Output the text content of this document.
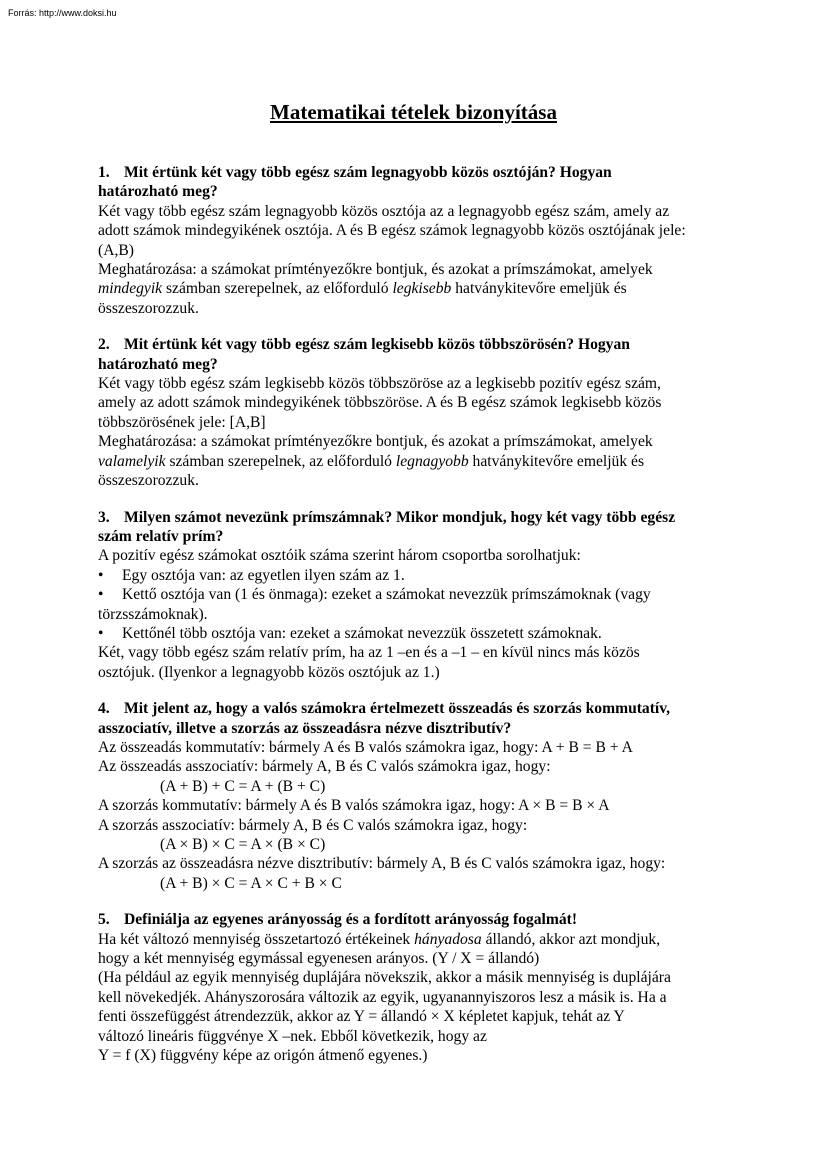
Forrás: http://www.doksi.hu
Matematikai tételek bizonyítása
1. Mit értünk két vagy több egész szám legnagyobb közös osztóján? Hogyan
határozható meg?

Két vagy több egész szám legnagyobb közös osztója az a legnagyobb egész szám, amely az

adott számok mindegyikének osztója. A és B egész számok legnagyobb közös osztójának jele:

(A,B)

Meghatározása: a számokat prímtényezőkre bontjuk, és azokat a prímszámokat, amelyek

mindegyik számban szerepelnek, az előforduló legkisebb hatványkitevőre emeljük és

összeszorozzuk.

2. Mit értünk két vagy több egész szám legkisebb közös többszörösén? Hogyan
határozható meg?

Két vagy több egész szám legkisebb közös többszöröse az a legkisebb pozitív egész szám,

amely az adott számok mindegyikének többszöröse. A és B egész számok legkisebb közös

többszörösének jele: [A,B]

Meghatározása: a számokat prímtényezőkre bontjuk, és azokat a prímszámokat, amelyek

valamelyik számban szerepelnek, az előforduló legnagyobb hatványkitevőre emeljük és

összeszorozzuk.

3. Milyen számot nevezünk prímszámnak? Mikor mondjuk, hogy két vagy több egész
szám relatív prím?

A pozitív egész számokat osztóik száma szerint három csoportba sorolhatjuk:

•	Egy osztója van: az egyetlen ilyen szám az 1.
•	Kettő osztója van (1 és önmaga): ezeket a számokat nevezzük prímszámoknak (vagy

törzsszámoknak).

•	Kettőnél több osztója van: ezeket a számokat nevezzük összetett számoknak.

Két, vagy több egész szám relatív prím, ha az 1 –en és a –1 – en kívül nincs más közös

osztójuk. (Ilyenkor a legnagyobb közös osztójuk az 1.)

4. Mit jelent az, hogy a valós számokra értelmezett összeadás és szorzás kommutatív,
asszociatív, illetve a szorzás az összeadásra nézve disztributív?

Az összeadás kommutatív: bármely A és B valós számokra igaz, hogy: A + B = B + A

Az összeadás asszociatív: bármely A, B és C valós számokra igaz, hogy:

(A + B) + C = A + (B + C)

A szorzás kommutatív: bármely A és B valós számokra igaz, hogy: A × B = B × A

A szorzás asszociatív: bármely A, B és C valós számokra igaz, hogy:

(A × B) × C = A × (B × C)

A szorzás az összeadásra nézve disztributív: bármely A, B és C valós számokra igaz, hogy:

(A + B) × C = A × C + B × C

5. Definiálja az egyenes arányosság és a fordított arányosság fogalmát!

Ha két változó mennyiség összetartozó értékeinek hányadosa állandó, akkor azt mondjuk,

hogy a két mennyiség egymással egyenesen arányos. (Y / X = állandó)

(Ha például az egyik mennyiség duplájára növekszik, akkor a másik mennyiség is duplájára

kell növekedjék. Ahányszorosára változik az egyik, ugyanannyiszoros lesz a másik is. Ha a

fenti összefüggést átrendezzük, akkor az Y = állandó × X képletet kapjuk, tehát az Y

változó lineáris függvénye X –nek. Ebből következik, hogy az

Y = f (X) függvény képe az origón átmenő egyenes.)
